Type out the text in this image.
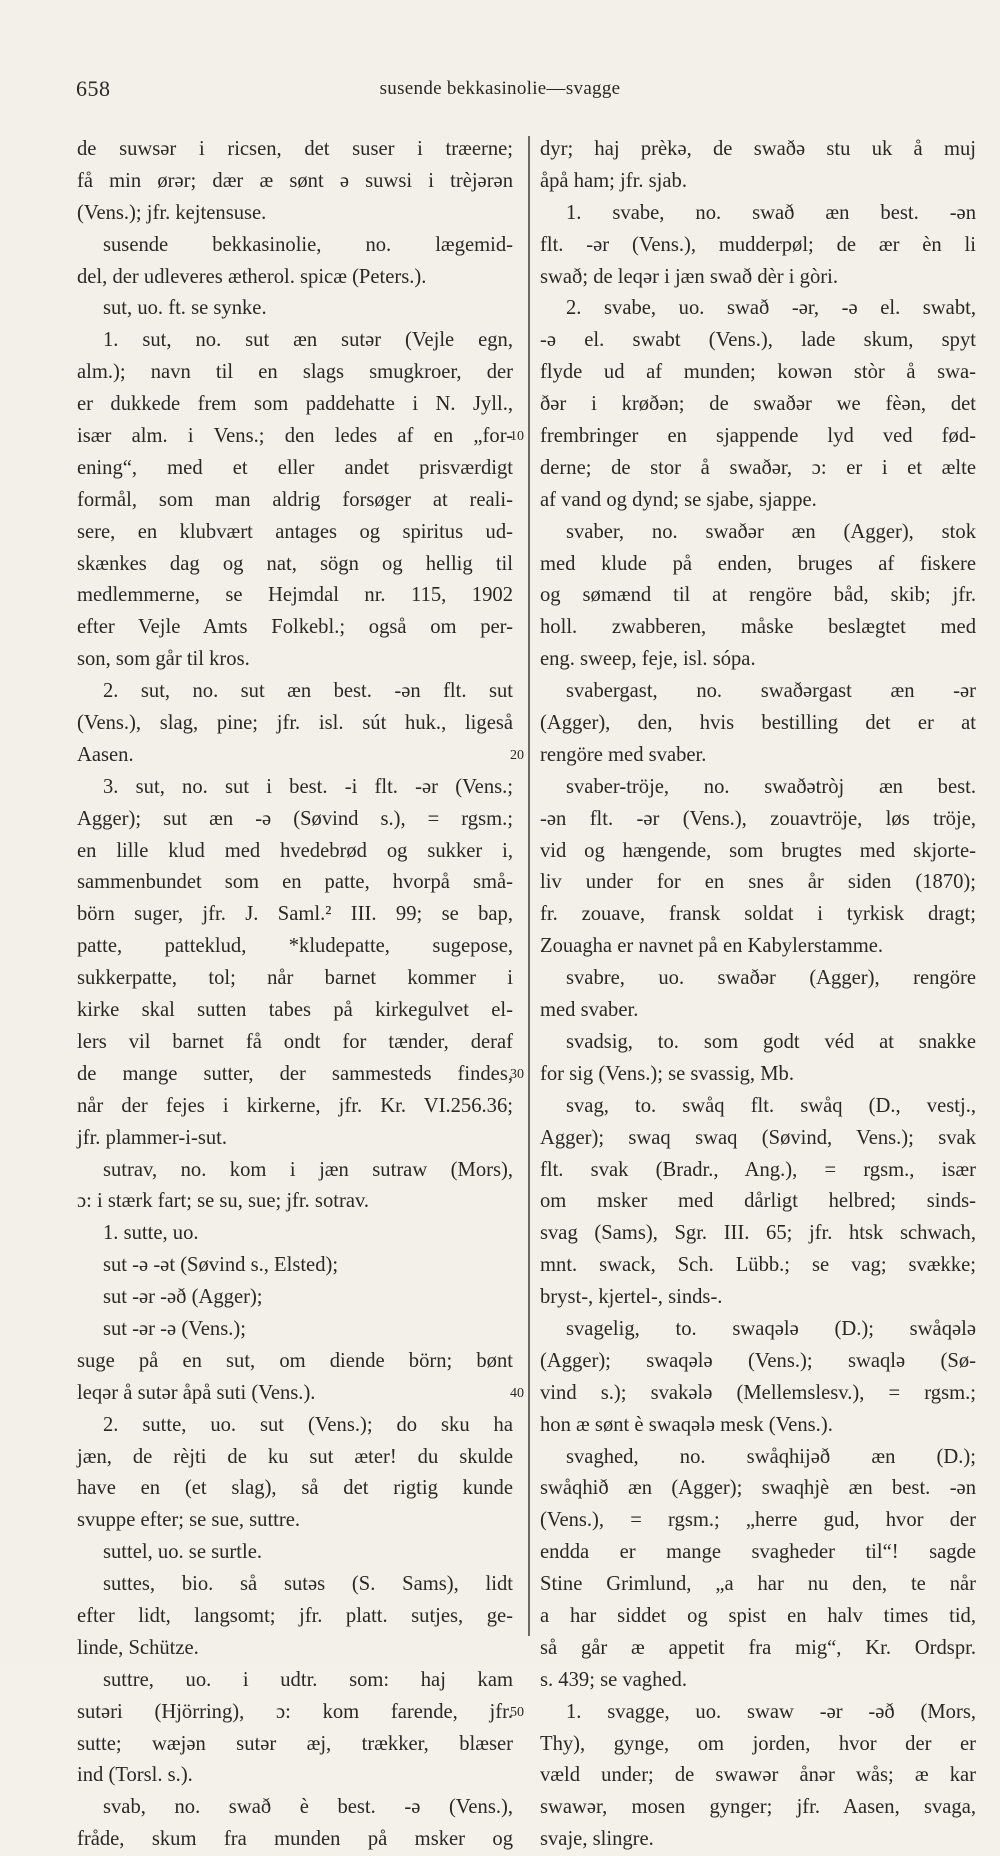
658	susende bekkasinolie—svagge
de suwsər i ricsen, det suser i træerne;
få min ørər; dær æ sønt ə suwsi i trèjərən
(Vens.); jfr. kejtensuse.
susende bekkasinolie, no. lægemid-
del, der udleveres ætherol. spicæ (Peters.).
sut, uo. ft. se synke.
1. sut, no. sut æn sutər (Vejle egn,
alm.); navn til en slags smugkroer, der
er dukkede frem som paddehatte i N. Jyll.,
især alm. i Vens.; den ledes af en „for-
ening“, med et eller andet prisværdigt
formål, som man aldrig forsøger at reali-
sere, en klubvært antages og spiritus ud-
skænkes dag og nat, sögn og hellig til
medlemmerne, se Hejmdal nr. 115, 1902
efter Vejle Amts Folkebl.; også om per-
son, som går til kros.
2. sut, no. sut æn best. -ən flt. sut
(Vens.), slag, pine; jfr. isl. sút huk., ligeså
Aasen.
3. sut, no. sut i best. -i flt. -ər (Vens.;
Agger); sut æn -ə (Søvind s.), = rgsm.;
en lille klud med hvedebrød og sukker i,
sammenbundet som en patte, hvorpå små-
börn suger, jfr. J. Saml.² III. 99; se bap,
patte, patteklud, *kludepatte, sugepose,
sukkerpatte, tol; når barnet kommer i
kirke skal sutten tabes på kirkegulvet el-
lers vil barnet få ondt for tænder, deraf
de mange sutter, der sammesteds findes,
når der fejes i kirkerne, jfr. Kr. VI.256.36;
jfr. plammer-i-sut.
sutrav, no. kom i jæn sutraw (Mors),
ɔ: i stærk fart; se su, sue; jfr. sotrav.
1. sutte, uo.
sut -ə -ət (Søvind s., Elsted);
sut -ər -əð (Agger);
sut -ər -ə (Vens.);
suge på en sut, om diende börn; bønt
leqər å sutər åpå suti (Vens.).
2. sutte, uo. sut (Vens.); do sku ha
jæn, de rèjti de ku sut æter! du skulde
have en (et slag), så det rigtig kunde
svuppe efter; se sue, suttre.
suttel, uo. se surtle.
suttes, bio. så sutəs (S. Sams), lidt
efter lidt, langsomt; jfr. platt. sutjes, ge-
linde, Schütze.
suttre, uo. i udtr. som: haj kam
sutəri (Hjörring), ɔ: kom farende, jfr.
sutte; wæjən sutər æj, trækker, blæser
ind (Torsl. s.).
svab, no. swað è best. -ə (Vens.),
fråde, skum fra munden på msker og
dyr; haj prèkə, de swaðə stu uk å muj
åpå ham; jfr. sjab.
1. svabe, no. swað æn best. -ən
flt. -ər (Vens.), mudderpøl; de ær èn li
swað; de leqər i jæn swað dèr i gòri.
2. svabe, uo. swað -ər, -ə el. swabt,
-ə el. swabt (Vens.), lade skum, spyt
flyde ud af munden; kowən stòr å swa-
ðər i krøðən; de swaðər we fèən, det
frembringer en sjappende lyd ved fød-
derne; de stor å swaðər, ɔ: er i et ælte
af vand og dynd; se sjabe, sjappe.
svaber, no. swaðər æn (Agger), stok
med klude på enden, bruges af fiskere
og sømænd til at rengöre båd, skib; jfr.
holl. zwabberen, måske beslægtet med
eng. sweep, feje, isl. sópa.
svabergast, no. swaðərgast æn -ər
(Agger), den, hvis bestilling det er at
rengöre med svaber.
svaber-tröje, no. swaðətròj æn best.
-ən flt. -ər (Vens.), zouavtröje, løs tröje,
vid og hængende, som brugtes med skjorte-
liv under for en snes år siden (1870);
fr. zouave, fransk soldat i tyrkisk dragt;
Zouagha er navnet på en Kabylerstamme.
svabre, uo. swaðər (Agger), rengöre
med svaber.
svadsig, to. som godt véd at snakke
for sig (Vens.); se svassig, Mb.
svag, to. swåq flt. swåq (D., vestj.,
Agger); swaq swaq (Søvind, Vens.); svak
flt. svak (Bradr., Ang.), = rgsm., især
om msker med dårligt helbred; sinds-
svag (Sams), Sgr. III. 65; jfr. htsk schwach,
mnt. swack, Sch. Lübb.; se vag; svække;
bryst-, kjertel-, sinds-.
svagelig, to. swaqələ (D.); swåqələ
(Agger); swaqələ (Vens.); swaqlə (Sø-
vind s.); svakələ (Mellemslesv.), = rgsm.;
hon æ sønt è swaqələ mesk (Vens.).
svaghed, no. swåqhijəð æn (D.);
swåqhið æn (Agger); swaqhjè æn best. -ən
(Vens.), = rgsm.; „herre gud, hvor der
endda er mange svagheder til“! sagde
Stine Grimlund, „a har nu den, te når
a har siddet og spist en halv times tid,
så går æ appetit fra mig“, Kr. Ordspr.
s. 439; se vaghed.
1. svagge, uo. swaw -ər -əð (Mors,
Thy), gynge, om jorden, hvor der er
væld under; de swawər ånər wås; æ kar
swawər, mosen gynger; jfr. Aasen, svaga,
svaje, slingre.
10
20
30
40
50
